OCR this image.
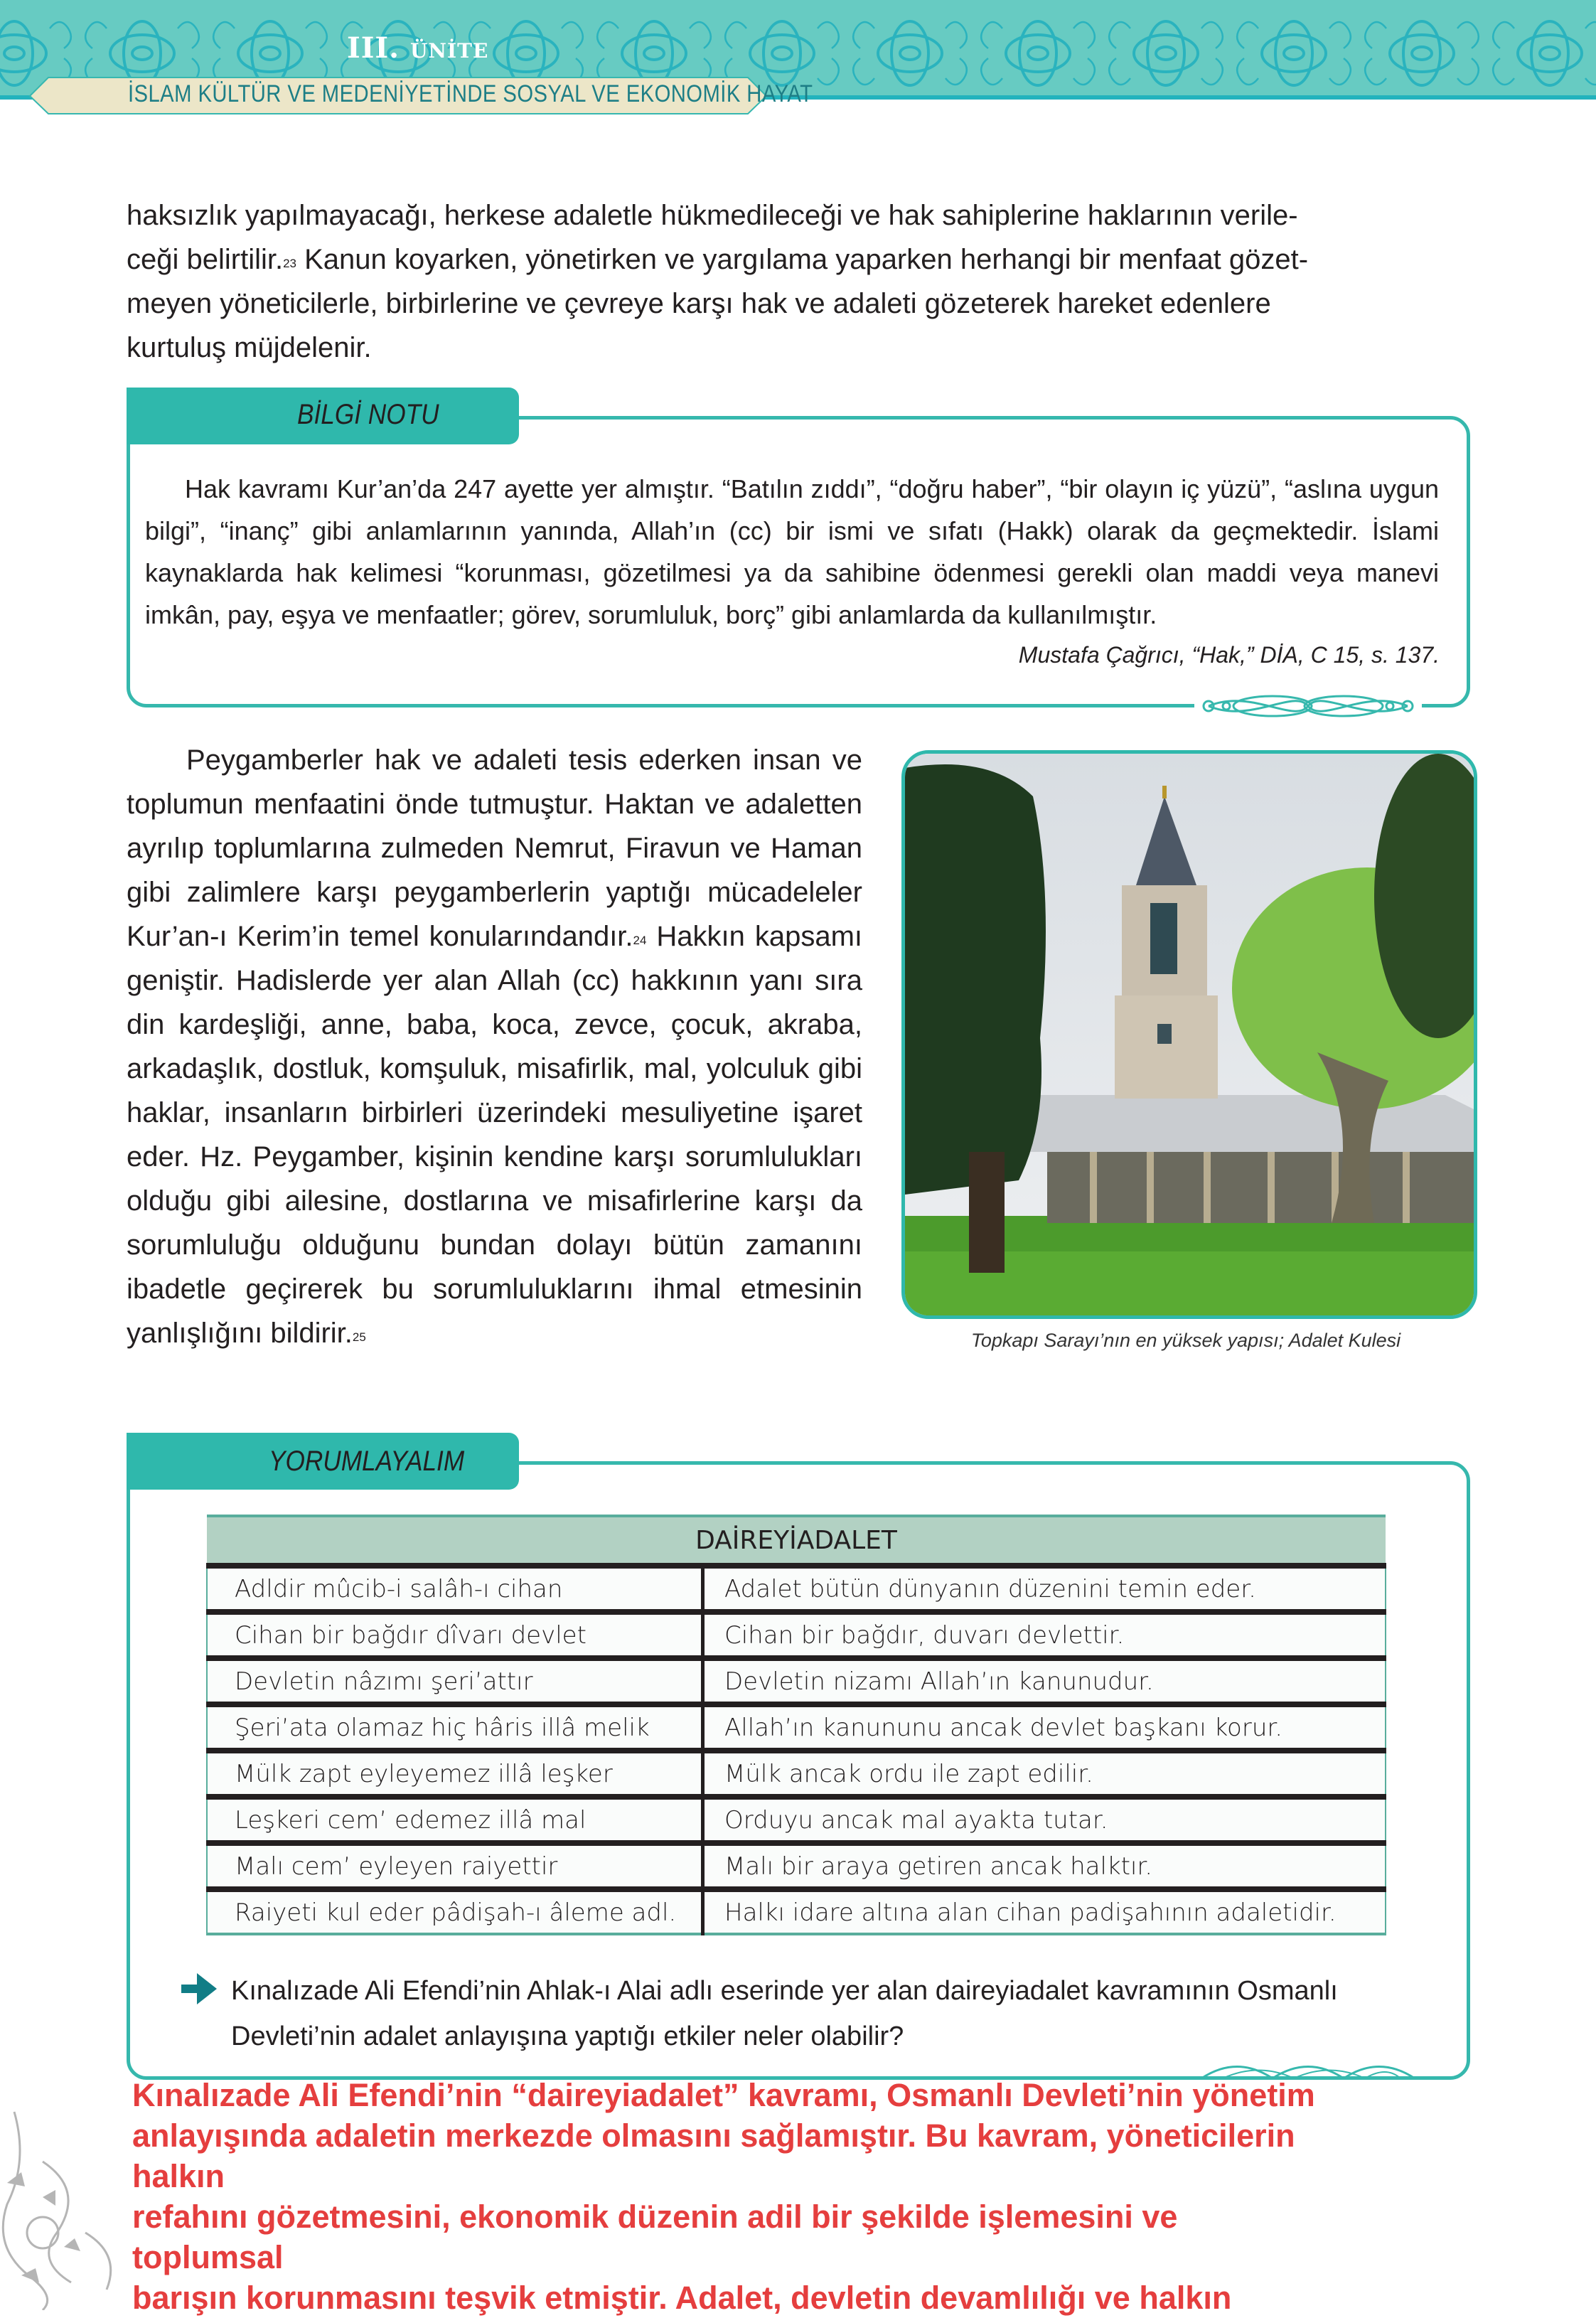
III. ÜNİTE
İSLAM KÜLTÜR VE MEDENİYETİNDE SOSYAL VE EKONOMİK HAYAT
haksızlık yapılmayacağı, herkese adaletle hükmedileceği ve hak sahiplerine haklarının verile-
ceği belirtilir.$^{23}$ Kanun koyarken, yönetirken ve yargılama yaparken herhangi bir menfaat gözet-
meyen yöneticilerle, birbirlerine ve çevreye karşı hak ve adaleti gözeterek hareket edenlere
kurtuluş müjdelenir.
BİLGİ NOTU
Hak kavramı Kur’an’da 247 ayette yer almıştır. “Batılın zıddı”, “doğru haber”, “bir olayın iç yüzü”, “aslına uygun bilgi”, “inanç” gibi anlamlarının yanında, Allah’ın (cc) bir ismi ve sıfatı (Hakk) olarak da geçmektedir. İslami kaynaklarda hak kelimesi “korunması, gözetilmesi ya da sahibine ödenmesi gerekli olan maddi veya manevi imkân, pay, eşya ve menfaatler; görev, sorumluluk, borç” gibi anlamlarda da kullanılmıştır.
Mustafa Çağrıcı, “Hak,” DİA, C 15, s. 137.
Peygamberler hak ve adaleti tesis ederken insan ve toplumun menfaatini önde tutmuştur. Haktan ve adaletten ayrılıp toplumlarına zulmeden Nemrut, Firavun ve Haman gibi zalimlere karşı peygamberlerin yaptığı mücadeleler Kur’an-ı Kerim’in temel konularındandır.$^{24}$ Hakkın kapsamı geniştir. Hadislerde yer alan Allah (cc) hakkının yanı sıra din kardeşliği, anne, baba, koca, zevce, çocuk, akraba, arkadaşlık, dostluk, komşuluk, misafirlik, mal, yolculuk gibi haklar, insanların birbirleri üzerindeki mesuliyetine işaret eder. Hz. Peygamber, kişinin kendine karşı sorumlulukları olduğu gibi ailesine, dostlarına ve misafirlerine karşı da sorumluluğu olduğunu bundan dolayı bütün zamanını ibadetle geçirerek bu sorumluluklarını ihmal etmesinin yanlışlığını bildirir.$^{25}$	Topkapı Sarayı’nın en yüksek yapısı; Adalet Kulesi
YORUMLAYALIM
DAİREYİADALET	
Adldir mûcib-i salâh-ı cihan	Adalet bütün dünyanın düzenini temin eder.
Cihan bir bağdır dîvarı devlet	Cihan bir bağdır, duvarı devlettir.
Devletin nâzımı şeri’attır	Devletin nizamı Allah’ın kanunudur.
Şeri’ata olamaz hiç hâris illâ melik	Allah’ın kanununu ancak devlet başkanı korur.
Mülk zapt eyleyemez illâ leşker	Mülk ancak ordu ile zapt edilir.
Leşkeri cem’ edemez illâ mal	Orduyu ancak mal ayakta tutar.
Malı cem’ eyleyen raiyettir	Malı bir araya getiren ancak halktır.
Raiyeti kul eder pâdişah-ı âleme adl.	Halkı idare altına alan cihan padişahının adaletidir.
Kınalızade Ali Efendi’nin Ahlak-ı Alai adlı eserinde yer alan daireyiadalet kavramının Osmanlı Devleti’nin adalet anlayışına yaptığı etkiler neler olabilir?
Kınalızade Ali Efendi’nin “daireyiadalet” kavramı, Osmanlı Devleti’nin yönetim
anlayışında adaletin merkezde olmasını sağlamıştır. Bu kavram, yöneticilerin
halkın
refahını gözetmesini, ekonomik düzenin adil bir şekilde işlemesini ve
toplumsal
barışın korunmasını teşvik etmiştir. Adalet, devletin devamlılığı ve halkın
